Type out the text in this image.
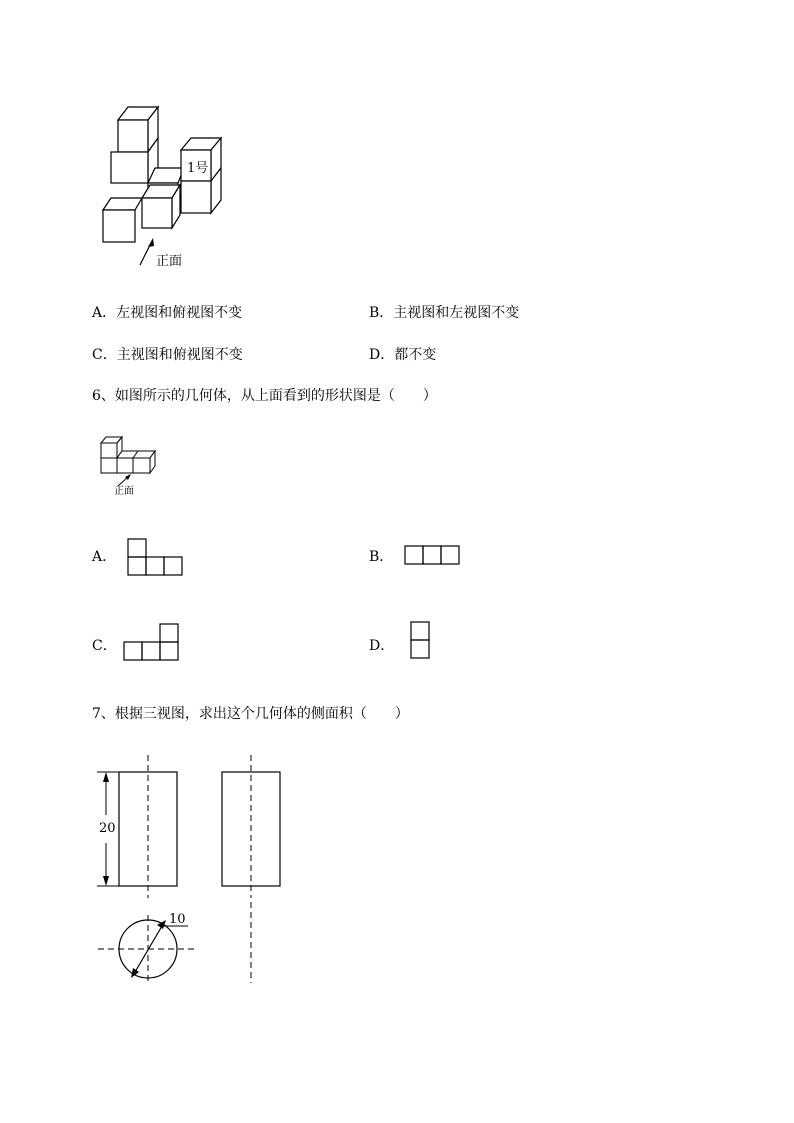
1号
正面
A．左视图和俯视图不变	B．主视图和左视图不变
C．主视图和俯视图不变	D．都不变
6、如图所示的几何体，从上面看到的形状图是（　　）
正面
A．	B．
C．	D．
7、根据三视图，求出这个几何体的侧面积（　　）
20
10
